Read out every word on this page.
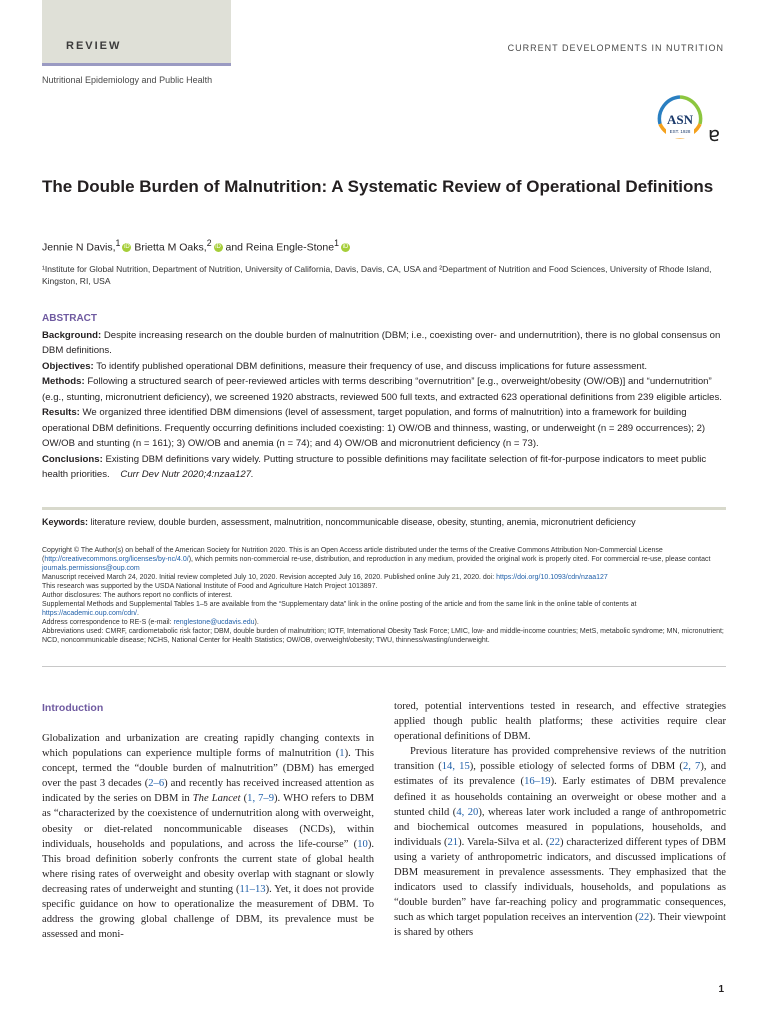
REVIEW	CURRENT DEVELOPMENTS IN NUTRITION
Nutritional Epidemiology and Public Health
ASN
EST. 1928 ɐ
The Double Burden of Malnutrition: A Systematic Review of Operational Definitions
Jennie N Davis,$^1$ iD Brietta M Oaks,$^2$ iD and Reina Engle-Stone$^1$ iD
¹Institute for Global Nutrition, Department of Nutrition, University of California, Davis, Davis, CA, USA and ²Department of Nutrition and Food Sciences, University of Rhode Island, Kingston, RI, USA
ABSTRACT

Background: Despite increasing research on the double burden of malnutrition (DBM; i.e., coexisting over- and undernutrition), there is no global consensus on DBM definitions.

Objectives: To identify published operational DBM definitions, measure their frequency of use, and discuss implications for future assessment.

Methods: Following a structured search of peer-reviewed articles with terms describing “overnutrition” [e.g., overweight/obesity (OW/OB)] and “undernutrition” (e.g., stunting, micronutrient deficiency), we screened 1920 abstracts, reviewed 500 full texts, and extracted 623 operational definitions from 239 eligible articles.

Results: We organized three identified DBM dimensions (level of assessment, target population, and forms of malnutrition) into a framework for building operational DBM definitions. Frequently occurring definitions included coexisting: 1) OW/OB and thinness, wasting, or underweight (n = 289 occurrences); 2) OW/OB and stunting (n = 161); 3) OW/OB and anemia (n = 74); and 4) OW/OB and micronutrient deficiency (n = 73).

Conclusions: Existing DBM definitions vary widely. Putting structure to possible definitions may facilitate selection of fit-for-purpose indicators to meet public health priorities. Curr Dev Nutr 2020;4:nzaa127.

Keywords: literature review, double burden, assessment, malnutrition, noncommunicable disease, obesity, stunting, anemia, micronutrient deficiency

Copyright © The Author(s) on behalf of the American Society for Nutrition 2020. This is an Open Access article distributed under the terms of the Creative Commons Attribution Non-Commercial License (http://creativecommons.org/licenses/by-nc/4.0/), which permits non-commercial re-use, distribution, and reproduction in any medium, provided the original work is properly cited. For commercial re-use, please contact journals.permissions@oup.com

Manuscript received March 24, 2020. Initial review completed July 10, 2020. Revision accepted July 16, 2020. Published online July 21, 2020. doi: https://doi.org/10.1093/cdn/nzaa127

This research was supported by the USDA National Institute of Food and Agriculture Hatch Project 1013897.

Author disclosures: The authors report no conflicts of interest.

Supplemental Methods and Supplemental Tables 1–5 are available from the “Supplementary data” link in the online posting of the article and from the same link in the online table of contents at https://academic.oup.com/cdn/.

Address correspondence to RE-S (e-mail: renglestone@ucdavis.edu).

Abbreviations used: CMRF, cardiometabolic risk factor; DBM, double burden of malnutrition; IOTF, International Obesity Task Force; LMIC, low- and middle-income countries; MetS, metabolic syndrome; MN, micronutrient; NCD, noncommunicable disease; NCHS, National Center for Health Statistics; OW/OB, overweight/obesity; TWU, thinness/wasting/underweight.

Introduction

Globalization and urbanization are creating rapidly changing contexts in which populations can experience multiple forms of malnutrition (1). This concept, termed the “double burden of malnutrition” (DBM) has emerged over the past 3 decades (2–6) and recently has received increased attention as indicated by the series on DBM in The Lancet (1, 7–9). WHO refers to DBM as “characterized by the coexistence of undernutrition along with overweight, obesity or diet-related noncommunicable diseases (NCDs), within individuals, households and populations, and across the life-course” (10). This broad definition soberly confronts the current state of global health where rising rates of overweight and obesity overlap with stagnant or slowly decreasing rates of underweight and stunting (11–13). Yet, it does not provide specific guidance on how to operationalize the measurement of DBM. To address the growing global challenge of DBM, its prevalence must be assessed and moni-

tored, potential interventions tested in research, and effective strategies applied though public health platforms; these activities require clear operational definitions of DBM.

Previous literature has provided comprehensive reviews of the nutrition transition (14, 15), possible etiology of selected forms of DBM (2, 7), and estimates of its prevalence (16–19). Early estimates of DBM prevalence defined it as households containing an overweight or obese mother and a stunted child (4, 20), whereas later work included a range of anthropometric and biochemical outcomes measured in populations, households, and individuals (21). Varela-Silva et al. (22) characterized different types of DBM using a variety of anthropometric indicators, and discussed implications of DBM measurement in prevalence assessments. They emphasized that the indicators used to classify individuals, households, and populations as “double burden” have far-reaching policy and programmatic consequences, such as which target population receives an intervention (22). Their viewpoint is shared by others

1
